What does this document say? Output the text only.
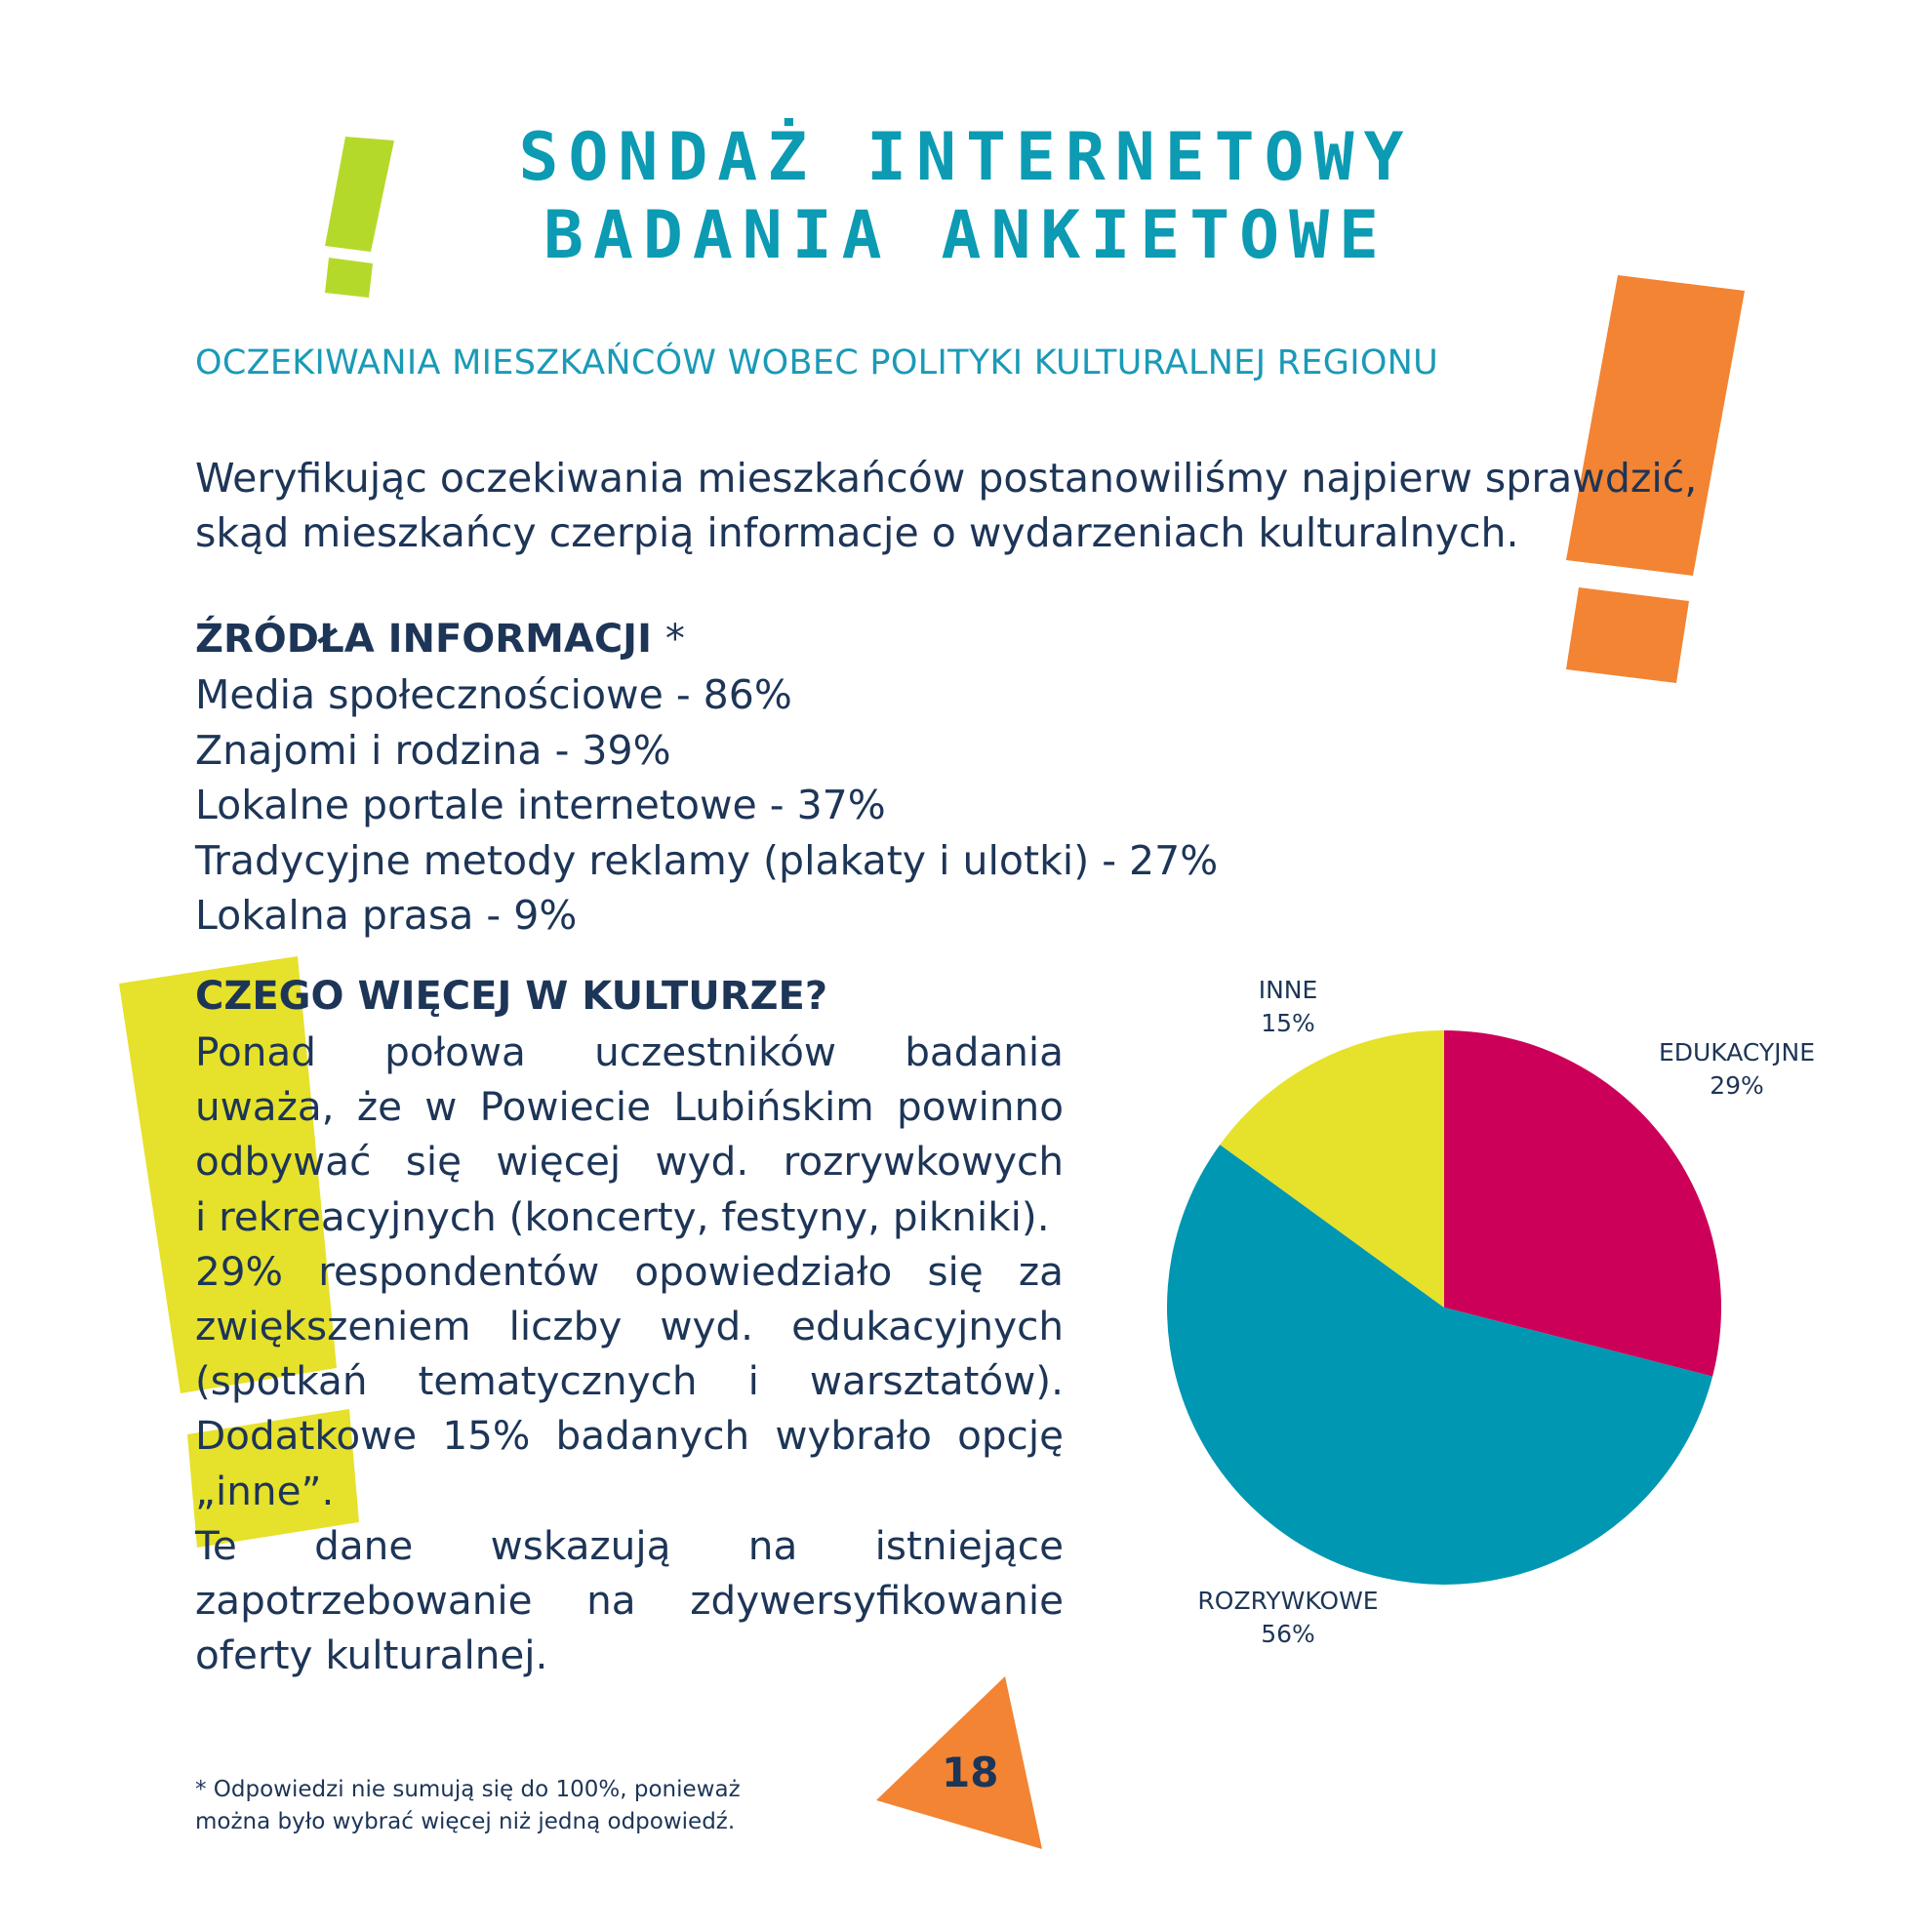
SONDAŻ INTERNETOWY
BADANIA ANKIETOWE
OCZEKIWANIA MIESZKAŃCÓW WOBEC POLITYKI KULTURALNEJ REGIONU
Weryfikując oczekiwania mieszkańców postanowiliśmy najpierw sprawdzić,
skąd mieszkańcy czerpią informacje o wydarzeniach kulturalnych.
ŹRÓDŁA INFORMACJI *
Media społecznościowe - 86%
Znajomi i rodzina - 39%
Lokalne portale internetowe - 37%
Tradycyjne metody reklamy (plakaty i ulotki) - 27%
Lokalna prasa - 9%
CZEGO WIĘCEJ W KULTURZE?
Ponad połowa uczestników badania
uważa, że w Powiecie Lubińskim powinno
odbywać się więcej wyd. rozrywkowych
i rekreacyjnych (koncerty, festyny, pikniki).
29% respondentów opowiedziało się za
zwiększeniem liczby wyd. edukacyjnych
(spotkań tematycznych i warsztatów).
Dodatkowe 15% badanych wybrało opcję
„inne”.
Te dane wskazują na istniejące
zapotrzebowanie na zdywersyfikowanie
oferty kulturalnej.
INNE
15%
EDUKACYJNE
29%
ROZRYWKOWE
56%
* Odpowiedzi nie sumują się do 100%, ponieważ
można było wybrać więcej niż jedną odpowiedź.
18
